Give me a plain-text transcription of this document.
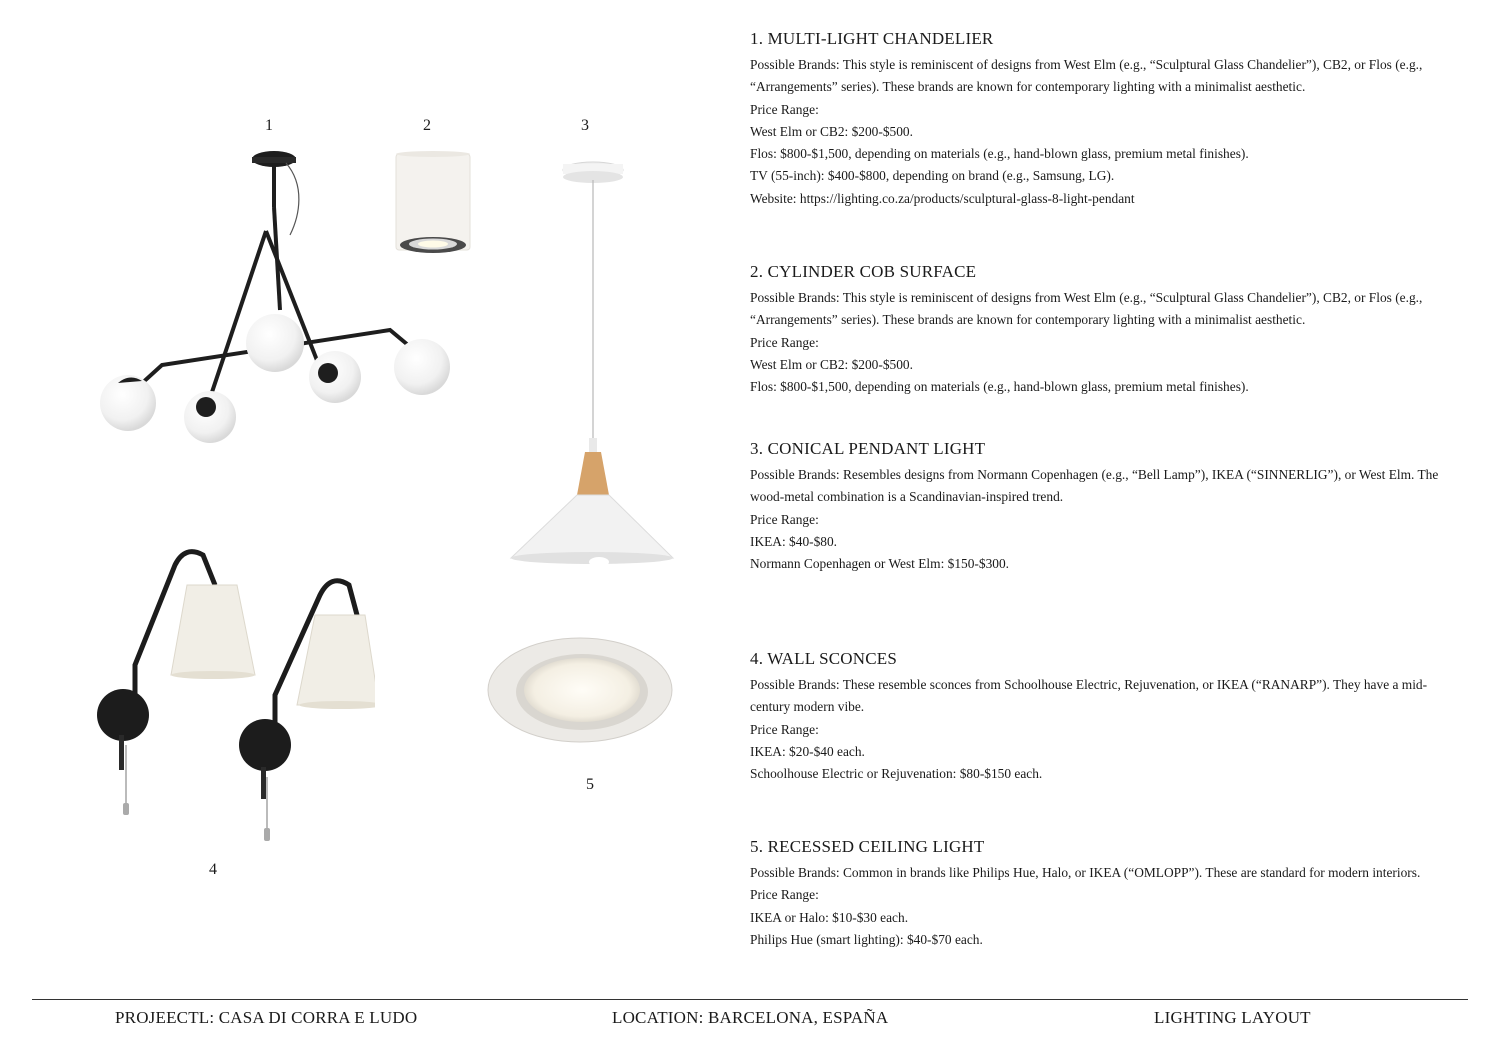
1	2	3
4
5
1. MULTI-LIGHT CHANDELIER

Possible Brands: This style is reminiscent of designs from West Elm (e.g., “Sculptural Glass Chandelier”), CB2, or Flos (e.g.,

“Arrangements” series). These brands are known for contemporary lighting with a minimalist aesthetic.

Price Range:

West Elm or CB2: $200-$500.

Flos: $800-$1,500, depending on materials (e.g., hand-blown glass, premium metal finishes).

TV (55-inch): $400-$800, depending on brand (e.g., Samsung, LG).

Website: https://lighting.co.za/products/sculptural-glass-8-light-pendant

2. CYLINDER COB SURFACE

Possible Brands: This style is reminiscent of designs from West Elm (e.g., “Sculptural Glass Chandelier”), CB2, or Flos (e.g.,

“Arrangements” series). These brands are known for contemporary lighting with a minimalist aesthetic.

Price Range:

West Elm or CB2: $200-$500.

Flos: $800-$1,500, depending on materials (e.g., hand-blown glass, premium metal finishes).

3. CONICAL PENDANT LIGHT

Possible Brands: Resembles designs from Normann Copenhagen (e.g., “Bell Lamp”), IKEA (“SINNERLIG”), or West Elm. The

wood-metal combination is a Scandinavian-inspired trend.

Price Range:

IKEA: $40-$80.

Normann Copenhagen or West Elm: $150-$300.

4. WALL SCONCES

Possible Brands: These resemble sconces from Schoolhouse Electric, Rejuvenation, or IKEA (“RANARP”). They have a mid-

century modern vibe.

Price Range:

IKEA: $20-$40 each.

Schoolhouse Electric or Rejuvenation: $80-$150 each.

5. RECESSED CEILING LIGHT

Possible Brands: Common in brands like Philips Hue, Halo, or IKEA (“OMLOPP”). These are standard for modern interiors.

Price Range:

IKEA or Halo: $10-$30 each.

Philips Hue (smart lighting): $40-$70 each.

PROJEECTL: CASA DI CORRA E LUDO	LOCATION: BARCELONA, ESPAÑA	LIGHTING LAYOUT
